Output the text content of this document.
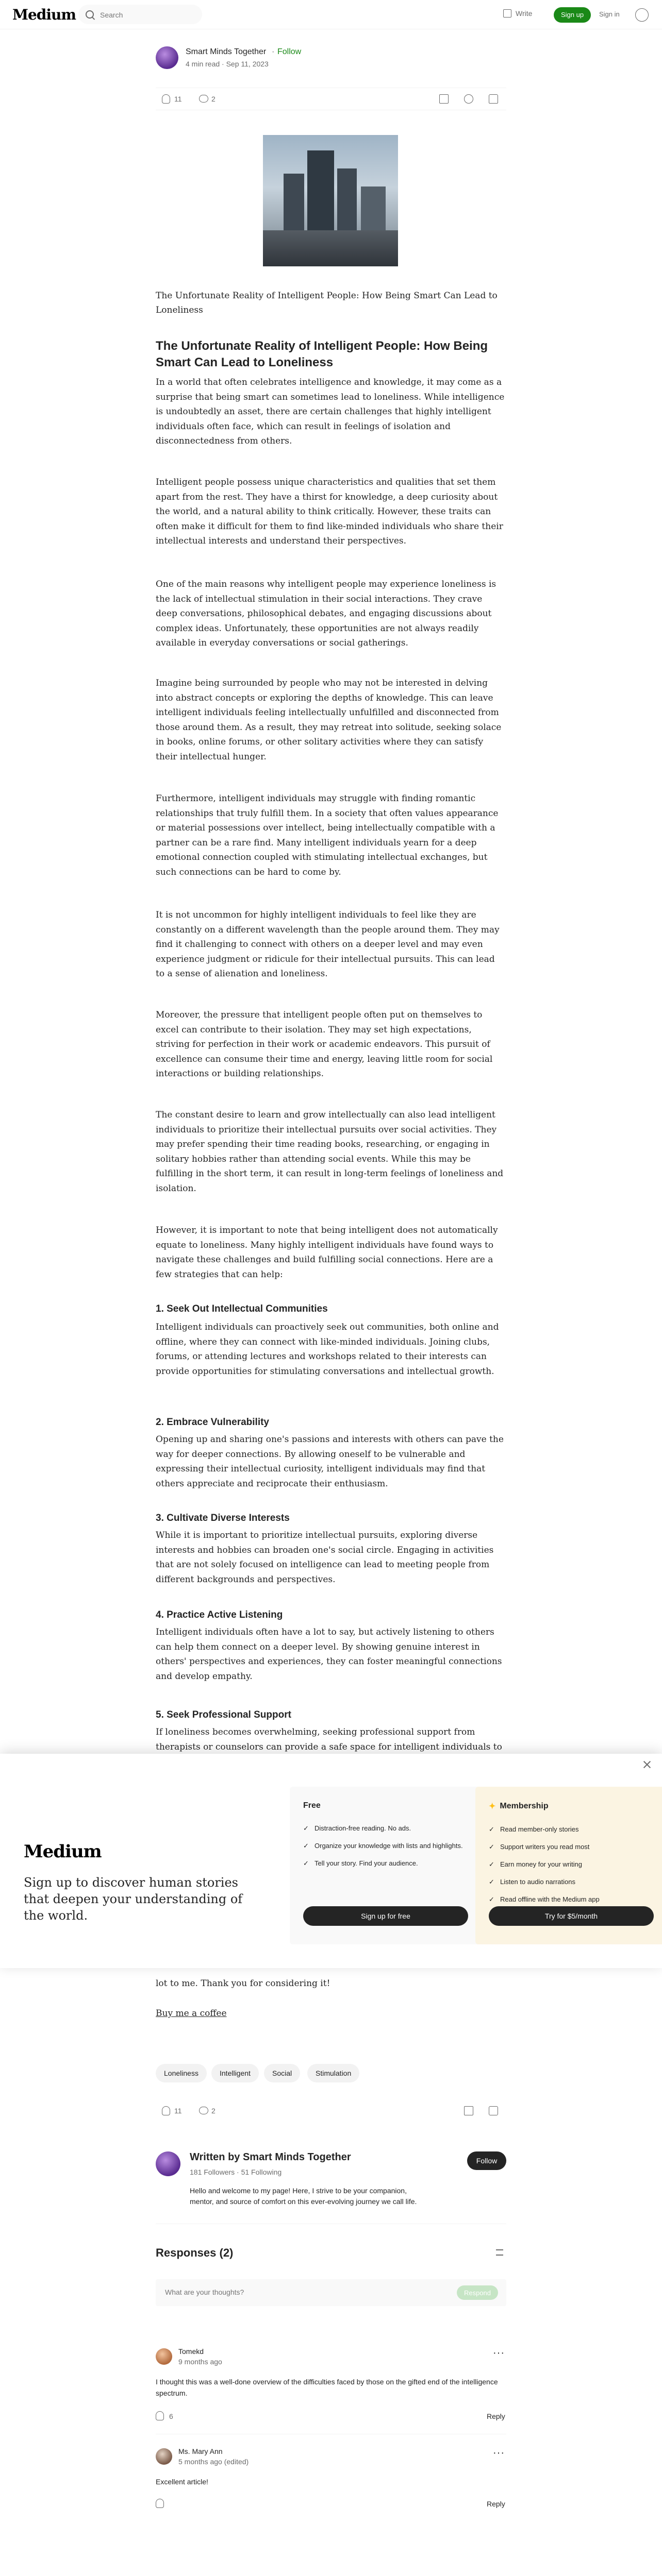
Medium
Search	Write	Sign up	Sign in
Smart Minds Together · Follow
4 min read · Sep 11, 2023
11	2
The Unfortunate Reality of Intelligent People: How Being Smart Can Lead to Loneliness
The Unfortunate Reality of Intelligent People: How Being Smart Can Lead to Loneliness

In a world that often celebrates intelligence and knowledge, it may come as a surprise that being smart can sometimes lead to loneliness. While intelligence is undoubtedly an asset, there are certain challenges that highly intelligent individuals often face, which can result in feelings of isolation and disconnectedness from others.

Intelligent people possess unique characteristics and qualities that set them apart from the rest. They have a thirst for knowledge, a deep curiosity about the world, and a natural ability to think critically. However, these traits can often make it difficult for them to find like-minded individuals who share their intellectual interests and understand their perspectives.

One of the main reasons why intelligent people may experience loneliness is the lack of intellectual stimulation in their social interactions. They crave deep conversations, philosophical debates, and engaging discussions about complex ideas. Unfortunately, these opportunities are not always readily available in everyday conversations or social gatherings.

Imagine being surrounded by people who may not be interested in delving into abstract concepts or exploring the depths of knowledge. This can leave intelligent individuals feeling intellectually unfulfilled and disconnected from those around them. As a result, they may retreat into solitude, seeking solace in books, online forums, or other solitary activities where they can satisfy their intellectual hunger.

Furthermore, intelligent individuals may struggle with finding romantic relationships that truly fulfill them. In a society that often values appearance or material possessions over intellect, being intellectually compatible with a partner can be a rare find. Many intelligent individuals yearn for a deep emotional connection coupled with stimulating intellectual exchanges, but such connections can be hard to come by.

It is not uncommon for highly intelligent individuals to feel like they are constantly on a different wavelength than the people around them. They may find it challenging to connect with others on a deeper level and may even experience judgment or ridicule for their intellectual pursuits. This can lead to a sense of alienation and loneliness.

Moreover, the pressure that intelligent people often put on themselves to excel can contribute to their isolation. They may set high expectations, striving for perfection in their work or academic endeavors. This pursuit of excellence can consume their time and energy, leaving little room for social interactions or building relationships.

The constant desire to learn and grow intellectually can also lead intelligent individuals to prioritize their intellectual pursuits over social activities. They may prefer spending their time reading books, researching, or engaging in solitary hobbies rather than attending social events. While this may be fulfilling in the short term, it can result in long-term feelings of loneliness and isolation.

However, it is important to note that being intelligent does not automatically equate to loneliness. Many highly intelligent individuals have found ways to navigate these challenges and build fulfilling social connections. Here are a few strategies that can help:

1. Seek Out Intellectual Communities

Intelligent individuals can proactively seek out communities, both online and offline, where they can connect with like-minded individuals. Joining clubs, forums, or attending lectures and workshops related to their interests can provide opportunities for stimulating conversations and intellectual growth.

2. Embrace Vulnerability

Opening up and sharing one's passions and interests with others can pave the way for deeper connections. By allowing oneself to be vulnerable and expressing their intellectual curiosity, intelligent individuals may find that others appreciate and reciprocate their enthusiasm.

3. Cultivate Diverse Interests

While it is important to prioritize intellectual pursuits, exploring diverse interests and hobbies can broaden one's social circle. Engaging in activities that are not solely focused on intelligence can lead to meeting people from different backgrounds and perspectives.

4. Practice Active Listening

Intelligent individuals often have a lot to say, but actively listening to others can help them connect on a deeper level. By showing genuine interest in others' perspectives and experiences, they can foster meaningful connections and develop empathy.

5. Seek Professional Support

If loneliness becomes overwhelming, seeking professional support from therapists or counselors can provide a safe space for intelligent individuals to

Medium
Sign up to discover human stories that deepen your understanding of the world.
Free
✓ Distraction-free reading. No ads.
✓ Organize your knowledge with lists and highlights.
✓ Tell your story. Find your audience.
Sign up for free
✦ Membership
✓ Read member-only stories
✓ Support writers you read most
✓ Earn money for your writing
✓ Listen to audio narrations
✓ Read offline with the Medium app
Try for $5/month

lot to me. Thank you for considering it!

Buy me a coffee

Loneliness	Intelligent	Social	Stimulation
11	2
Written by Smart Minds Together
181 Followers · 51 Following
Hello and welcome to my page! Here, I strive to be your companion, mentor, and source of comfort on this ever-evolving journey we call life.
Follow
Responses (2)
What are your thoughts?
Respond
Tomekd
9 months ago
···
I thought this was a well-done overview of the difficulties faced by those on the gifted end of the intelligence spectrum.
6	Reply
Ms. Mary Ann
5 months ago (edited)
···
Excellent article!
Reply
